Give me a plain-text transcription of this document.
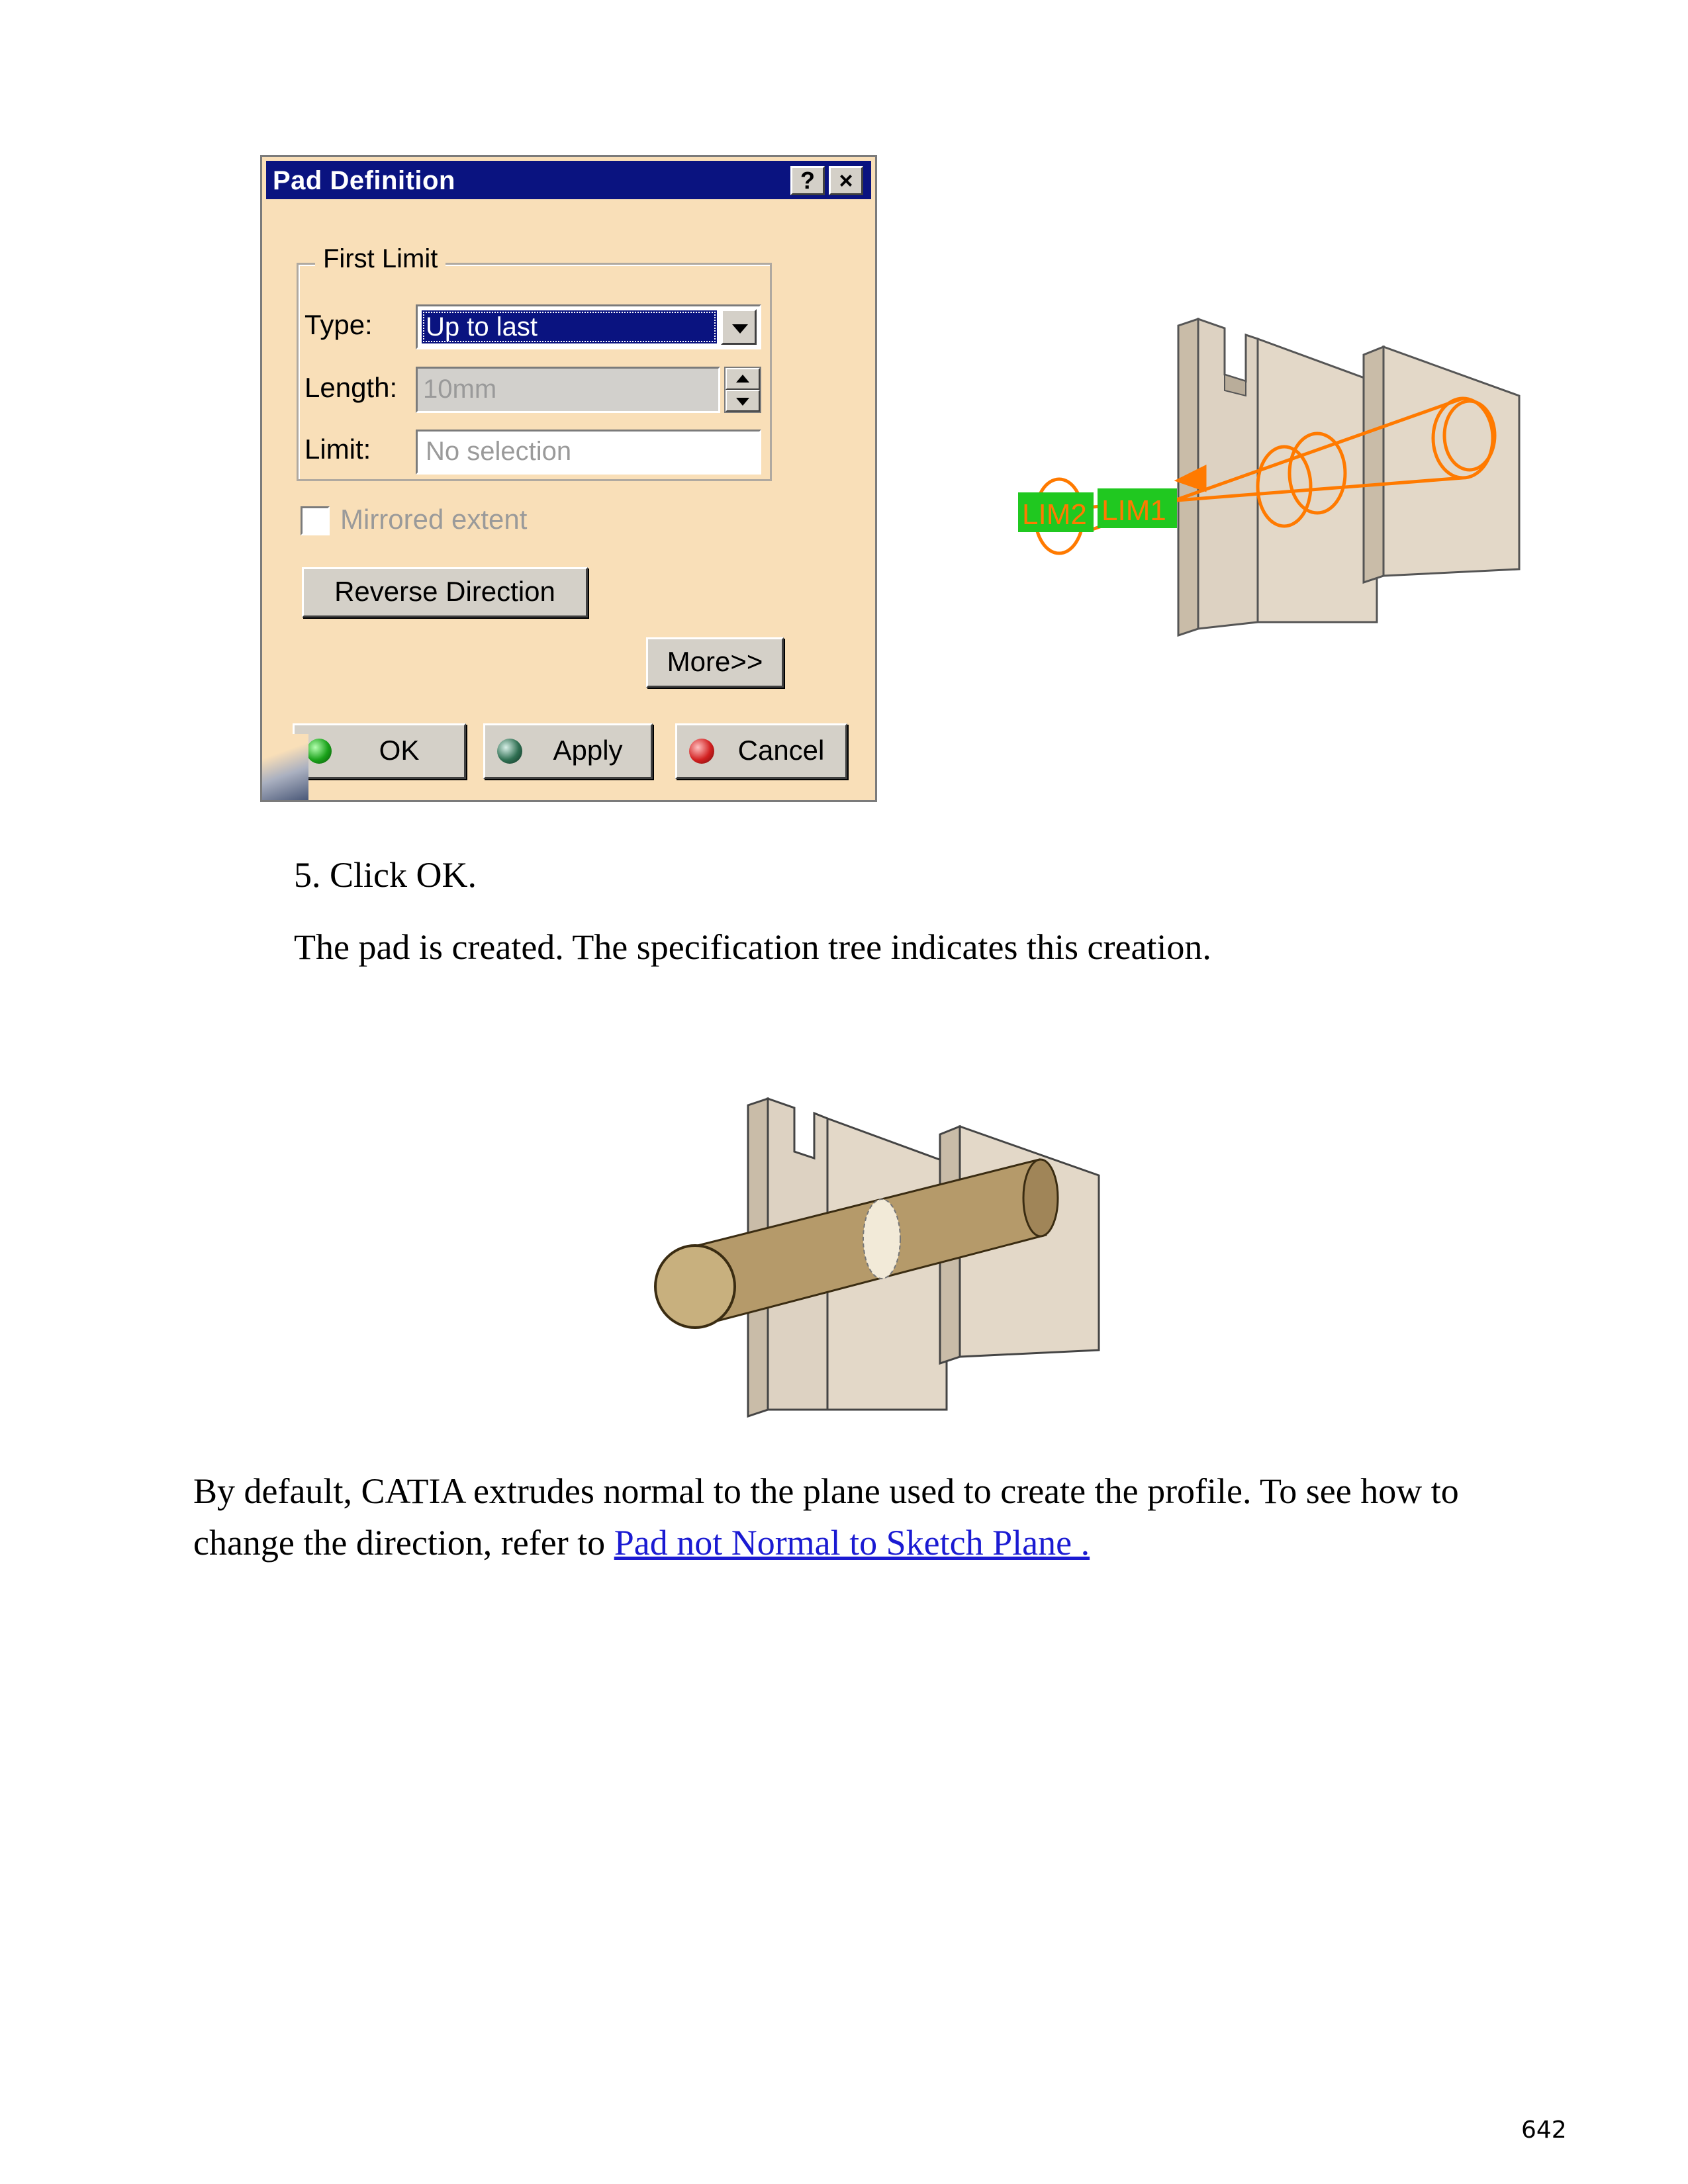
Pad Definition	?	×
First Limit
Type: Up to last
Length: 10mm
Limit:	No selection
Mirrored extent
Reverse Direction
More>>
OK	Apply	Cancel
LIM2 LIM1

5. Click OK.

The pad is created. The specification tree indicates this creation.

By default, CATIA extrudes normal to the plane used to create the profile. To see how to
change the direction, refer to Pad not Normal to Sketch Plane .

642
